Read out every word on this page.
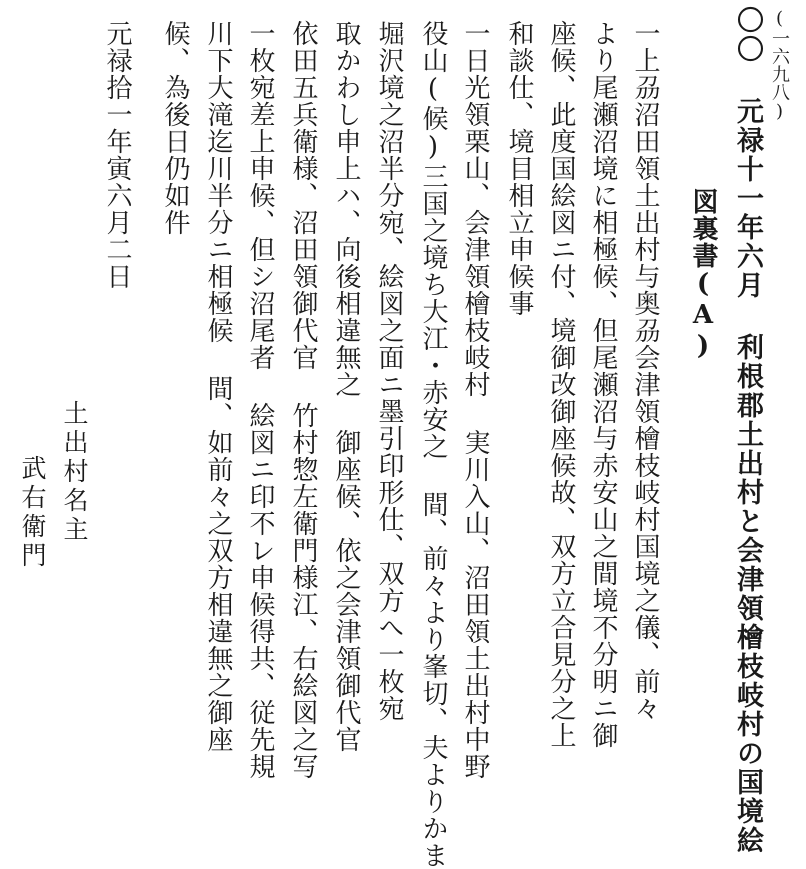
(一六九八)
〇〇 元禄十一年六月 利根郡土出村と会津領檜枝岐村の国境絵
図裏書(A)
一上刕沼田領土出村与奥刕会津領檜枝岐村国境之儀、前々
より尾瀬沼境に相極候、但尾瀬沼与赤安山之間境不分明ニ御
座候、此度国絵図ニ付、境御改御座候故、双方立合見分之上
和談仕、境目相立申候事
一日光領栗山、会津領檜枝岐村 実川入山、沼田領土出村中野
役山(候)三国之境ち大江・赤安之 間、前々より峯切、夫よりかま
堀沢境之沼半分宛、絵図之面ニ墨引印形仕、双方へ一枚宛
取かわし申上ハ、向後相違無之 御座候、依之会津領御代官
依田五兵衛様、沼田領御代官 竹村惣左衛門様江、右絵図之写
一枚宛差上申候、但シ沼尾者 絵図ニ印不レ申候得共、従先規
川下大滝迄川半分ニ相極候 間、如前々之双方相違無之御座
候、為後日仍如件
元禄拾一年寅六月二日
土出村名主
武右衛門
